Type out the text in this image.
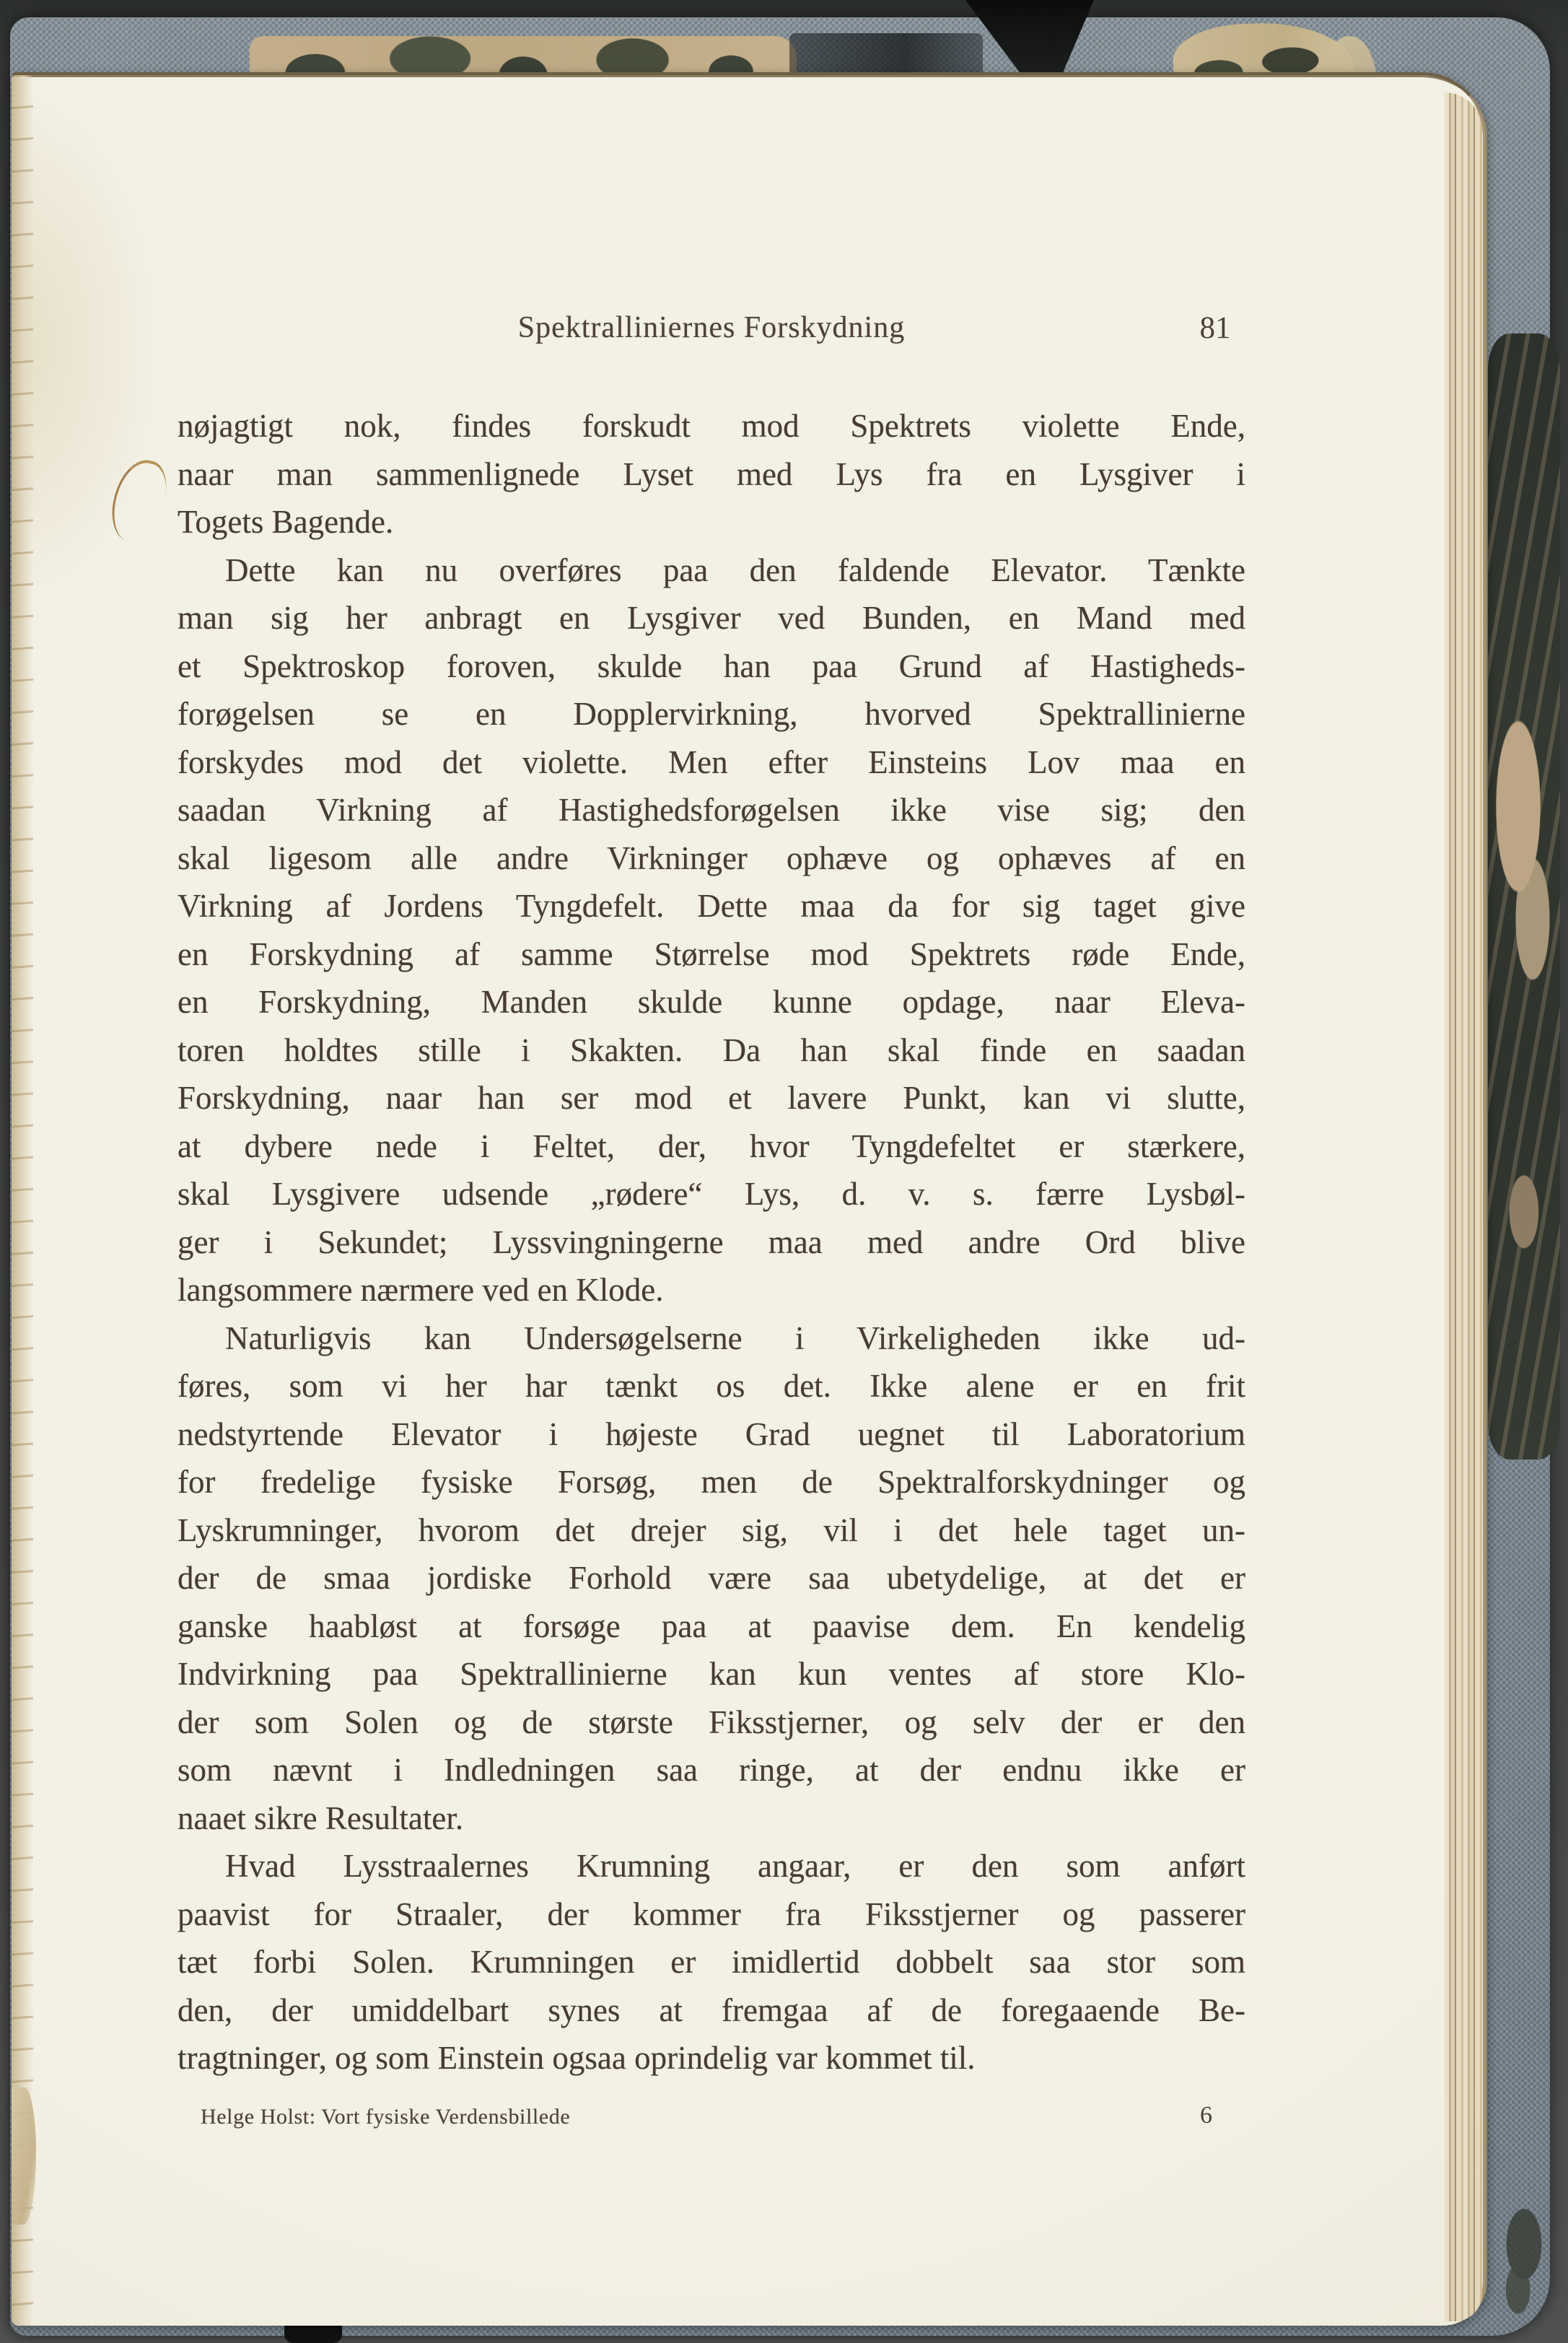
Spektralliniernes Forskydning	81
nøjagtigt nok, findes forskudt mod Spektrets violette Ende,
naar man sammenlignede Lyset med Lys fra en Lysgiver i
Togets Bagende.
Dette kan nu overføres paa den faldende Elevator. Tænkte
man sig her anbragt en Lysgiver ved Bunden, en Mand med
et Spektroskop foroven, skulde han paa Grund af Hastigheds-
forøgelsen se en Dopplervirkning, hvorved Spektrallinierne
forskydes mod det violette. Men efter Einsteins Lov maa en
saadan Virkning af Hastighedsforøgelsen ikke vise sig; den
skal ligesom alle andre Virkninger ophæve og ophæves af en
Virkning af Jordens Tyngdefelt. Dette maa da for sig taget give
en Forskydning af samme Størrelse mod Spektrets røde Ende,
en Forskydning, Manden skulde kunne opdage, naar Eleva-
toren holdtes stille i Skakten. Da han skal finde en saadan
Forskydning, naar han ser mod et lavere Punkt, kan vi slutte,
at dybere nede i Feltet, der, hvor Tyngdefeltet er stærkere,
skal Lysgivere udsende „rødere“ Lys, d. v. s. færre Lysbøl-
ger i Sekundet; Lyssvingningerne maa med andre Ord blive
langsommere nærmere ved en Klode.
Naturligvis kan Undersøgelserne i Virkeligheden ikke ud-
føres, som vi her har tænkt os det. Ikke alene er en frit
nedstyrtende Elevator i højeste Grad uegnet til Laboratorium
for fredelige fysiske Forsøg, men de Spektralforskydninger og
Lyskrumninger, hvorom det drejer sig, vil i det hele taget un-
der de smaa jordiske Forhold være saa ubetydelige, at det er
ganske haabløst at forsøge paa at paavise dem. En kendelig
Indvirkning paa Spektrallinierne kan kun ventes af store Klo-
der som Solen og de største Fiksstjerner, og selv der er den
som nævnt i Indledningen saa ringe, at der endnu ikke er
naaet sikre Resultater.
Hvad Lysstraalernes Krumning angaar, er den som anført
paavist for Straaler, der kommer fra Fiksstjerner og passerer
tæt forbi Solen. Krumningen er imidlertid dobbelt saa stor som
den, der umiddelbart synes at fremgaa af de foregaaende Be-
tragtninger, og som Einstein ogsaa oprindelig var kommet til.
Helge Holst: Vort fysiske Verdensbillede	6
